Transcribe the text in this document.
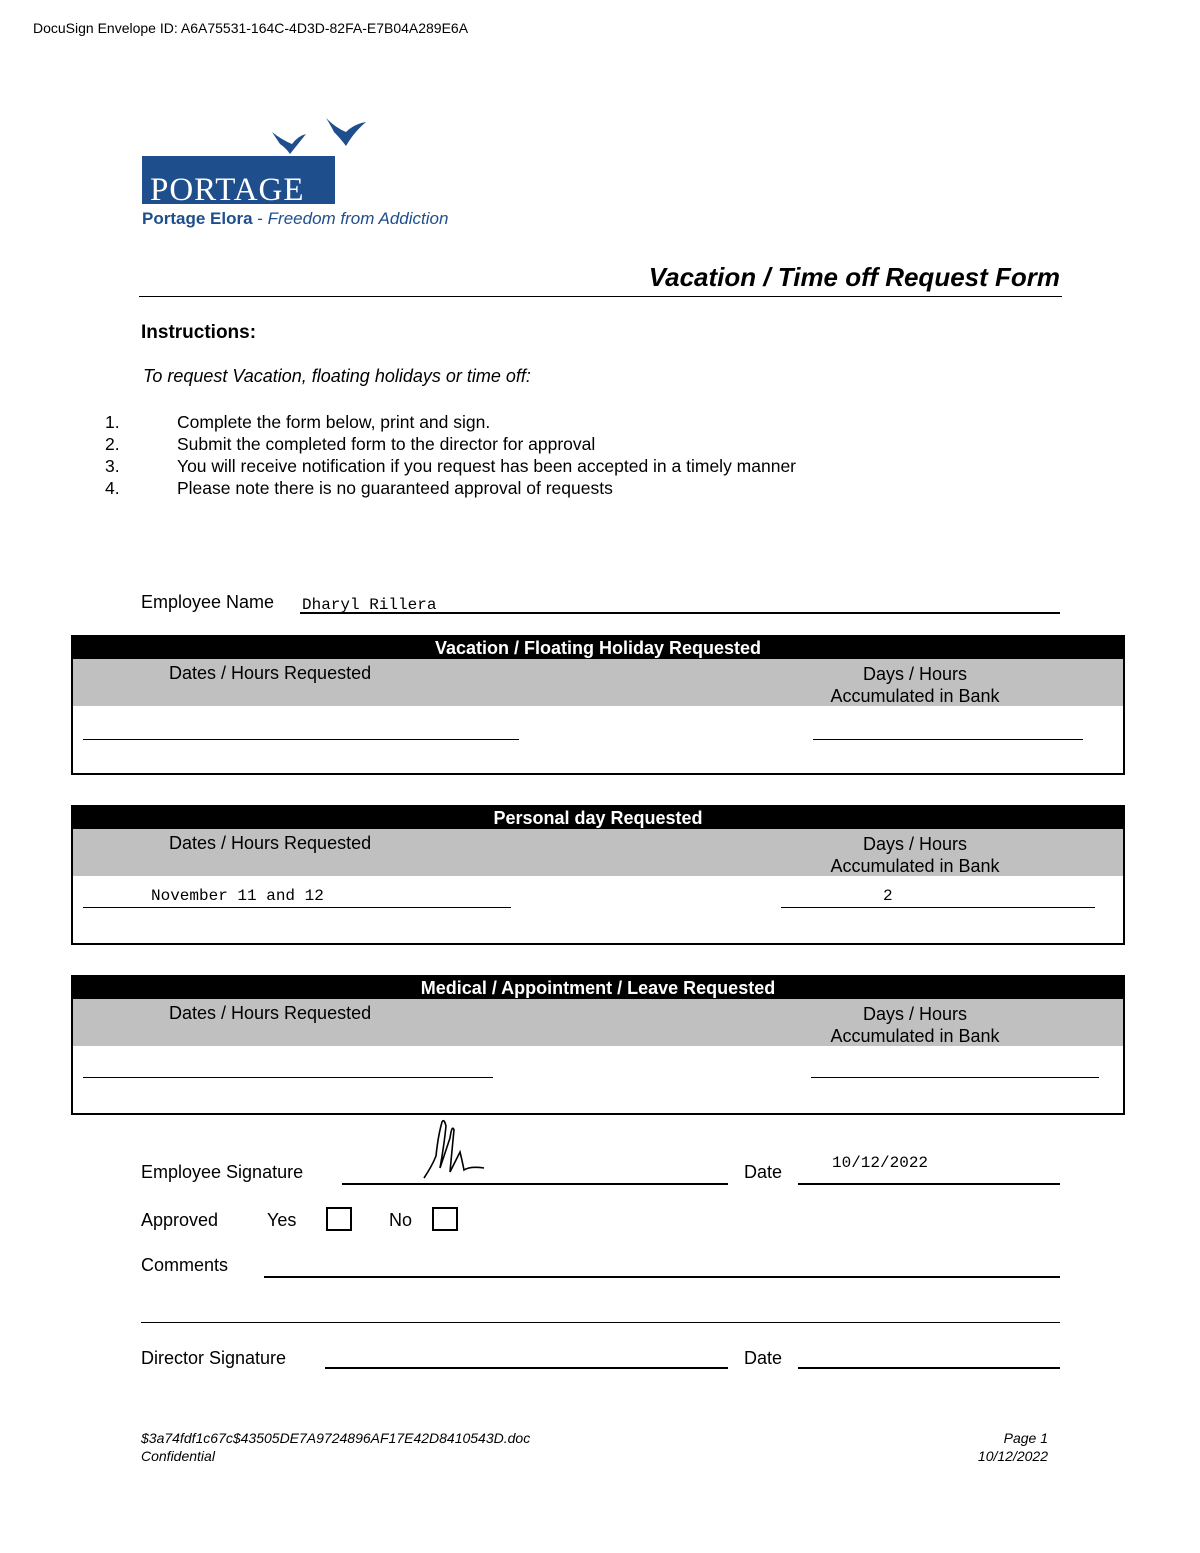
DocuSign Envelope ID: A6A75531-164C-4D3D-82FA-E7B04A289E6A
PORTAGE
Portage Elora - Freedom from Addiction
Vacation / Time off Request Form
Instructions:
To request Vacation, floating holidays or time off:
1.	Complete the form below, print and sign.
2.	Submit the completed form to the director for approval
3.	You will receive notification if you request has been accepted in a timely manner
4.	Please note there is no guaranteed approval of requests
Employee Name Dharyl Rillera
Vacation / Floating Holiday Requested
Dates / Hours Requested	Days / Hours
Accumulated in Bank
Personal day Requested
Dates / Hours Requested	Days / Hours
Accumulated in Bank
November 11 and 12	2
Medical / Appointment / Leave Requested
Dates / Hours Requested	Days / Hours
Accumulated in Bank
Employee Signature	Date	10/12/2022
Approved	Yes	No
Comments
Director Signature	Date
$3a74fdf1c67c$43505DE7A9724896AF17E42D8410543D.doc
Confidential
Page 1
10/12/2022
